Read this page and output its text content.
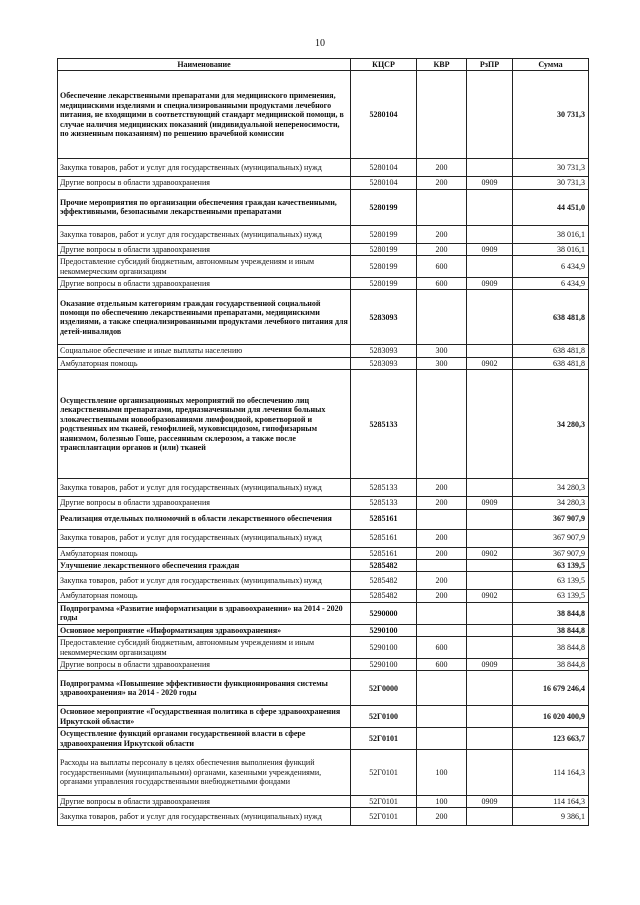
10
Наименование	КЦСР	КВР	РзПР	Сумма
Обеспечение лекарственными препаратами для медицинского применения, медицинскими изделиями и специализированными продуктами лечебного питания, не входящими в соответствующий стандарт медицинской помощи, в случае наличия медицинских показаний (индивидуальной непереносимости, по жизненным показаниям) по решению врачебной комиссии	5280104			30 731,3
Закупка товаров, работ и услуг для государственных (муниципальных) нужд	5280104	200		30 731,3
Другие вопросы в области здравоохранения	5280104	200	0909	30 731,3
Прочие мероприятия по организации обеспечения граждан качественными, эффективными, безопасными лекарственными препаратами	5280199			44 451,0
Закупка товаров, работ и услуг для государственных (муниципальных) нужд	5280199	200		38 016,1
Другие вопросы в области здравоохранения	5280199	200	0909	38 016,1
Предоставление субсидий бюджетным, автономным учреждениям и иным некоммерческим организациям	5280199	600		6 434,9
Другие вопросы в области здравоохранения	5280199	600	0909	6 434,9
Оказание отдельным категориям граждан государственной социальной помощи по обеспечению лекарственными препаратами, медицинскими изделиями, а также специализированными продуктами лечебного питания для детей-инвалидов	5283093			638 481,8
Социальное обеспечение и иные выплаты населению	5283093	300		638 481,8
Амбулаторная помощь	5283093	300	0902	638 481,8
Осуществление организационных мероприятий по обеспечению лиц лекарственными препаратами, предназначенными для лечения больных злокачественными новообразованиями лимфоидной, кроветворной и родственных им тканей, гемофилией, муковисцидозом, гипофизарным нанизмом, болезнью Гоше, рассеянным склерозом, а также после трансплантации органов и (или) тканей	5285133			34 280,3
Закупка товаров, работ и услуг для государственных (муниципальных) нужд	5285133	200		34 280,3
Другие вопросы в области здравоохранения	5285133	200	0909	34 280,3
Реализация отдельных полномочий в области лекарственного обеспечения	5285161			367 907,9
Закупка товаров, работ и услуг для государственных (муниципальных) нужд	5285161	200		367 907,9
Амбулаторная помощь	5285161	200	0902	367 907,9
Улучшение лекарственного обеспечения граждан	5285482			63 139,5
Закупка товаров, работ и услуг для государственных (муниципальных) нужд	5285482	200		63 139,5
Амбулаторная помощь	5285482	200	0902	63 139,5
Подпрограмма «Развитие информатизации в здравоохранении» на 2014 - 2020 годы	5290000			38 844,8
Основное мероприятие «Информатизация здравоохранения»	5290100			38 844,8
Предоставление субсидий бюджетным, автономным учреждениям и иным некоммерческим организациям	5290100	600		38 844,8
Другие вопросы в области здравоохранения	5290100	600	0909	38 844,8
Подпрограмма «Повышение эффективности функционирования системы здравоохранения» на 2014 - 2020 годы	52Г0000			16 679 246,4
Основное мероприятие «Государственная политика в сфере здравоохранения Иркутской области»	52Г0100			16 020 400,9
Осуществление функций органами государственной власти в сфере здравоохранения Иркутской области	52Г0101			123 663,7
Расходы на выплаты персоналу в целях обеспечения выполнения функций государственными (муниципальными) органами, казенными учреждениями, органами управления государственными внебюджетными фондами	52Г0101	100		114 164,3
Другие вопросы в области здравоохранения	52Г0101	100	0909	114 164,3
Закупка товаров, работ и услуг для государственных (муниципальных) нужд	52Г0101	200		9 386,1
